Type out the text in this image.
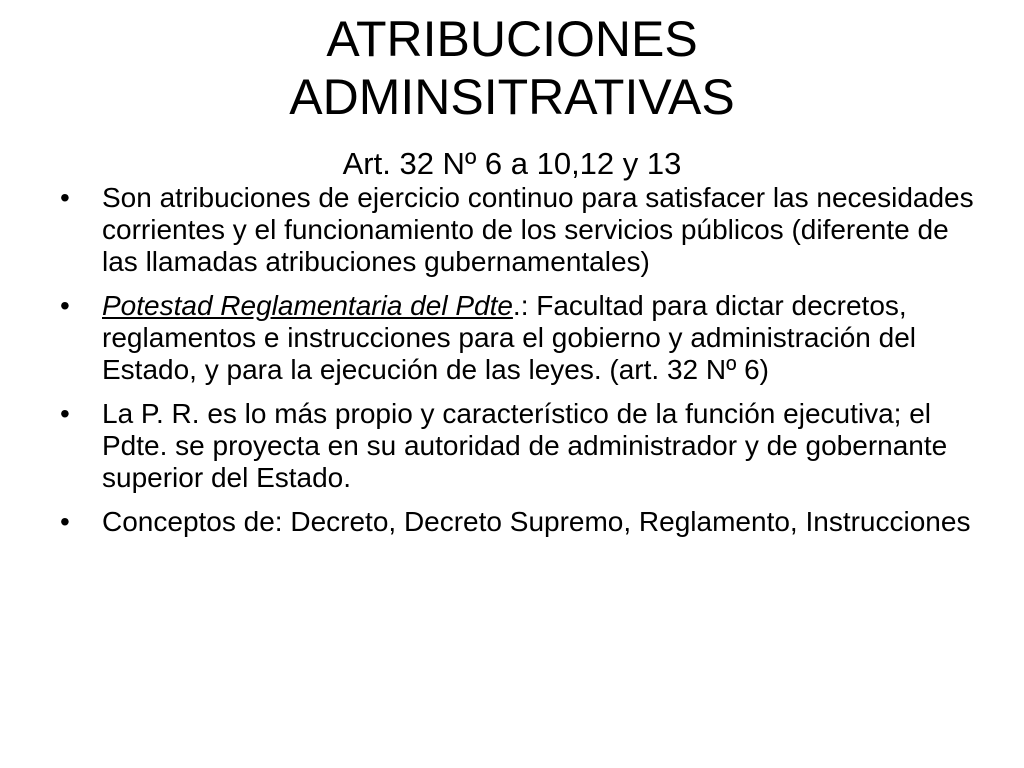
ATRIBUCIONES
ADMINSITRATIVAS
Art. 32 Nº 6 a 10,12 y 13
• Son atribuciones de ejercicio continuo para satisfacer las necesidades corrientes y el funcionamiento de los servicios públicos (diferente de las llamadas atribuciones gubernamentales)
• Potestad Reglamentaria del Pdte.: Facultad para dictar decretos, reglamentos e instrucciones para el gobierno y administración del Estado, y para la ejecución de las leyes. (art. 32 Nº 6)
• La P. R. es lo más propio y característico de la función ejecutiva; el Pdte. se proyecta en su autoridad de administrador y de gobernante superior del Estado.
• Conceptos de: Decreto, Decreto Supremo, Reglamento, Instrucciones
